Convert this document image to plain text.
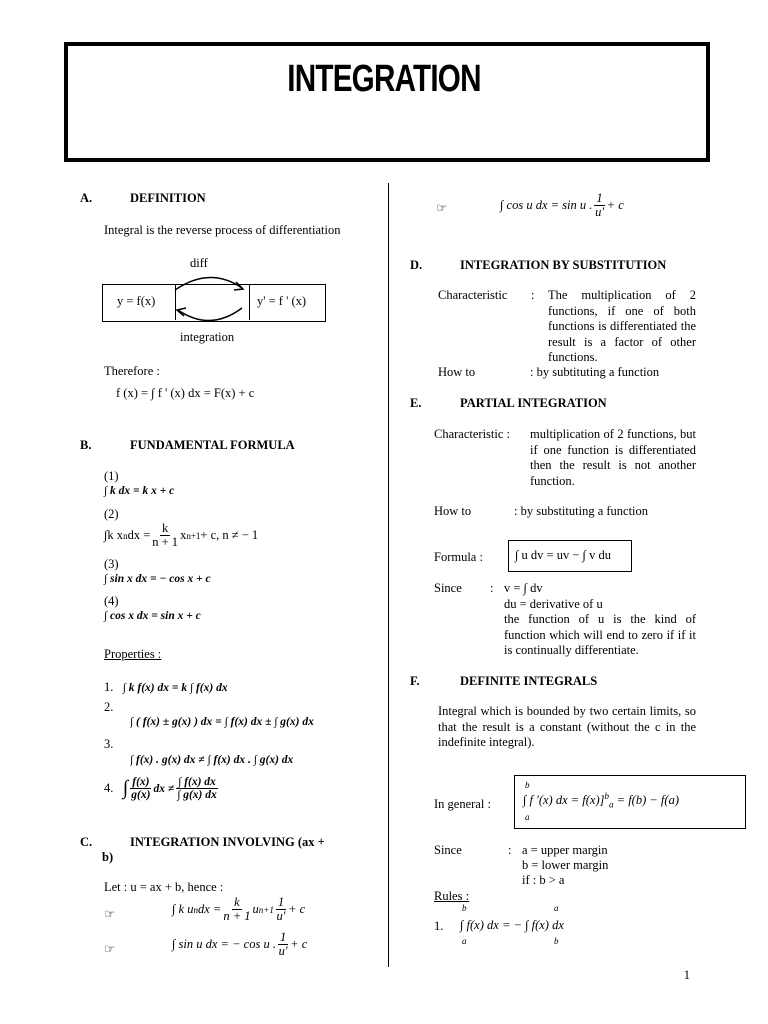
INTEGRATION
A.	DEFINITION
Integral is the reverse process of differentiation
diff
y = f(x)	y' = f ' (x)
integration
Therefore :
f (x) = ∫ f ' (x) dx = F(x) + c
B.	FUNDAMENTAL FORMULA
(1)
∫ k dx = k x + c
(2)
∫k x n dx = $\frac{k}{n + 1}$ x n+1 + c, n ≠ − 1
(3)
∫ sin x dx = − cos x + c
(4)
∫ cos x dx = sin x + c
Properties :
1. ∫ k f(x) dx = k ∫ f(x) dx
2.
∫ ( f(x) ± g(x) ) dx = ∫ f(x) dx ± ∫ g(x) dx
3.
∫ f(x) . g(x) dx ≠ ∫ f(x) dx . ∫ g(x) dx
4.
∫ $\frac{f(x)}{g(x)}$ dx ≠ $\frac{\int f(x) dx}{\int g(x) dx}$
C.	INTEGRATION INVOLVING (ax +
b)
Let : u = ax + b, hence :
☞	∫ k u n dx = $\frac{k}{n + 1}$ u $n+1 \frac{1}{u'} + c$
☞	∫ sin u dx = − cos u . $\frac{1}{u'} + c$
☞	∫ cos u dx = sin u . $\frac{1}{u'} + c$
D.	INTEGRATION BY SUBSTITUTION
Characteristic : The multiplication of 2 functions, if one of both functions is differentiated the result is a factor of other functions.
How to	: by subtituting a function
E.	PARTIAL INTEGRATION
Characteristic : multiplication of 2 functions, but if one function is differentiated then the result is not another function.
How to	: by substituting a function
Formula :	∫ u dv = uv − ∫ v du
Since : v = ∫ dv
du = derivative of u
the function of u is the kind of function which will end to zero if if it is continually differentiate.
F.	DEFINITE INTEGRALS
Integral which is bounded by two certain limits, so that the result is a constant (without the c in the indefinite integral).
In general :
b
a
∫ f '(x) dx = f(x)]$^b_a$ = f(b) − f(a)
Since	: a = upper margin
b = lower margin
if : b > a
Rules :
1.
b
a
a
b
∫ f(x) dx = − ∫ f(x) dx
1
